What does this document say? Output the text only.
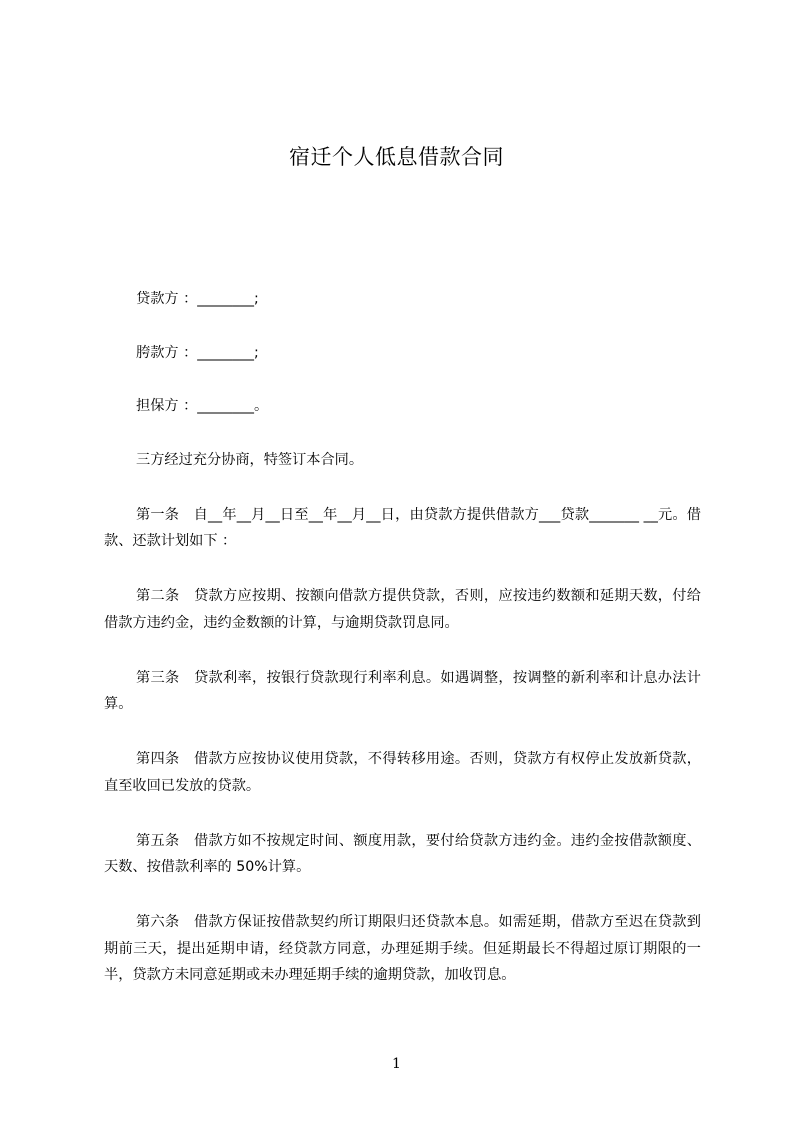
宿迁个人低息借款合同

贷款方 ：________;

胯款方 ：________;

担保方 ：________。

三方经过充分协商，特签订本合同。

第一条　自__年__月__日至__年__月__日，由贷款方提供借款方___贷款_______ __元。借款、还款计划如下 ：

第二条　贷款方应按期、按额向借款方提供贷款，否则，应按违约数额和延期天数，付给借款方违约金，违约金数额的计算，与逾期贷款罚息同。

第三条　贷款利率，按银行贷款现行利率利息。如遇调整，按调整的新利率和计息办法计算。

第四条　借款方应按协议使用贷款，不得转移用途。否则，贷款方有权停止发放新贷款，直至收回已发放的贷款。

第五条　借款方如不按规定时间、额度用款，要付给贷款方违约金。违约金按借款额度、天数、按借款利率的 50%计算。

第六条　借款方保证按借款契约所订期限归还贷款本息。如需延期，借款方至迟在贷款到期前三天，提出延期申请，经贷款方同意，办理延期手续。但延期最长不得超过原订期限的一半，贷款方未同意延期或未办理延期手续的逾期贷款，加收罚息。

1
